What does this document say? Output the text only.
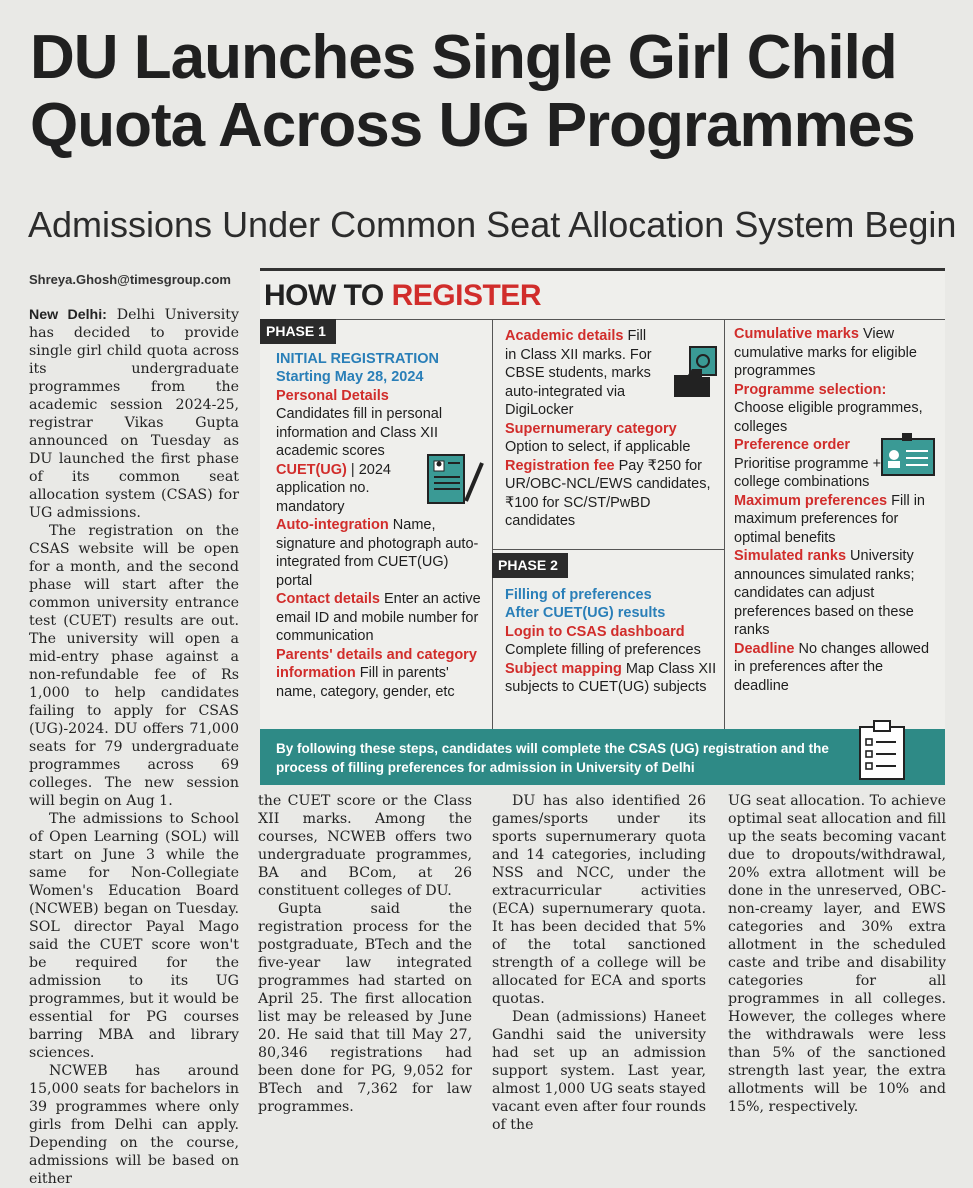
DU Launches Single Girl Child
Quota Across UG Programmes
Admissions Under Common Seat Allocation System Begin
Shreya.Ghosh@timesgroup.com

New Delhi: Delhi University has decided to provide single girl child quota across its undergraduate programmes from the academic session 2024-25, registrar Vikas Gupta announced on Tuesday as DU launched the first phase of its common seat allocation system (CSAS) for UG admissions.

The registration on the CSAS website will be open for a month, and the second phase will start after the common university entrance test (CUET) results are out. The university will open a mid-entry phase against a non-refundable fee of Rs 1,000 to help candidates failing to apply for CSAS (UG)-2024. DU offers 71,000 seats for 79 undergraduate programmes across 69 colleges. The new session will begin on Aug 1.

The admissions to School of Open Learning (SOL) will start on June 3 while the same for Non-Collegiate Women's Education Board (NCWEB) began on Tuesday. SOL director Payal Mago said the CUET score won't be required for the admission to its UG programmes, but it would be essential for PG courses barring MBA and library sciences.

NCWEB has around 15,000 seats for bachelors in 39 programmes where only girls from Delhi can apply. Depending on the course, admissions will be based on either

the CUET score or the Class XII marks. Among the courses, NCWEB offers two undergraduate programmes, BA and BCom, at 26 constituent colleges of DU.

Gupta said the registration process for the postgraduate, BTech and the five-year law integrated programmes had started on April 25. The first allocation list may be released by June 20. He said that till May 27, 80,346 registrations had been done for PG, 9,052 for BTech and 7,362 for law programmes.

DU has also identified 26 games/sports under its sports supernumerary quota and 14 categories, including NSS and NCC, under the extracurricular activities (ECA) supernumerary quota. It has been decided that 5% of the total sanctioned strength of a college will be allocated for ECA and sports quotas.

Dean (admissions) Haneet Gandhi said the university had set up an admission support system. Last year, almost 1,000 UG seats stayed vacant even after four rounds of the

UG seat allocation. To achieve optimal seat allocation and fill up the seats becoming vacant due to dropouts/withdrawal, 20% extra allotment will be done in the unreserved, OBC-non-creamy layer, and EWS categories and 30% extra allotment in the scheduled caste and tribe and disability categories for all programmes in all colleges. However, the colleges where the withdrawals were less than 5% of the sanctioned strength last year, the extra allotments will be 10% and 15%, respectively.

HOW TO REGISTER
PHASE 1
INITIAL REGISTRATION
Starting May 28, 2024
Personal Details Candidates fill in personal information and Class XII academic scores
CUET(UG) | 2024 application no. mandatory
Auto-integration Name, signature and photograph auto-integrated from CUET(UG) portal
Contact details Enter an active email ID and mobile number for communication
Parents' details and category information Fill in parents' name, category, gender, etc
Academic details Fill in Class XII marks. For CBSE students, marks auto-integrated via DigiLocker
Supernumerary category Option to select, if applicable
Registration fee Pay ₹250 for UR/OBC-NCL/EWS candidates, ₹100 for SC/ST/PwBD candidates
PHASE 2
Filling of preferences
After CUET(UG) results
Login to CSAS dashboard Complete filling of preferences
Subject mapping Map Class XII subjects to CUET(UG) subjects
Cumulative marks View cumulative marks for eligible programmes
Programme selection: Choose eligible programmes, colleges
Preference order Prioritise programme + college combinations
Maximum preferences Fill in maximum preferences for optimal benefits
Simulated ranks University announces simulated ranks; candidates can adjust preferences based on these ranks
Deadline No changes allowed in preferences after the deadline
By following these steps, candidates will complete the CSAS (UG) registration and the process of filling preferences for admission in University of Delhi
